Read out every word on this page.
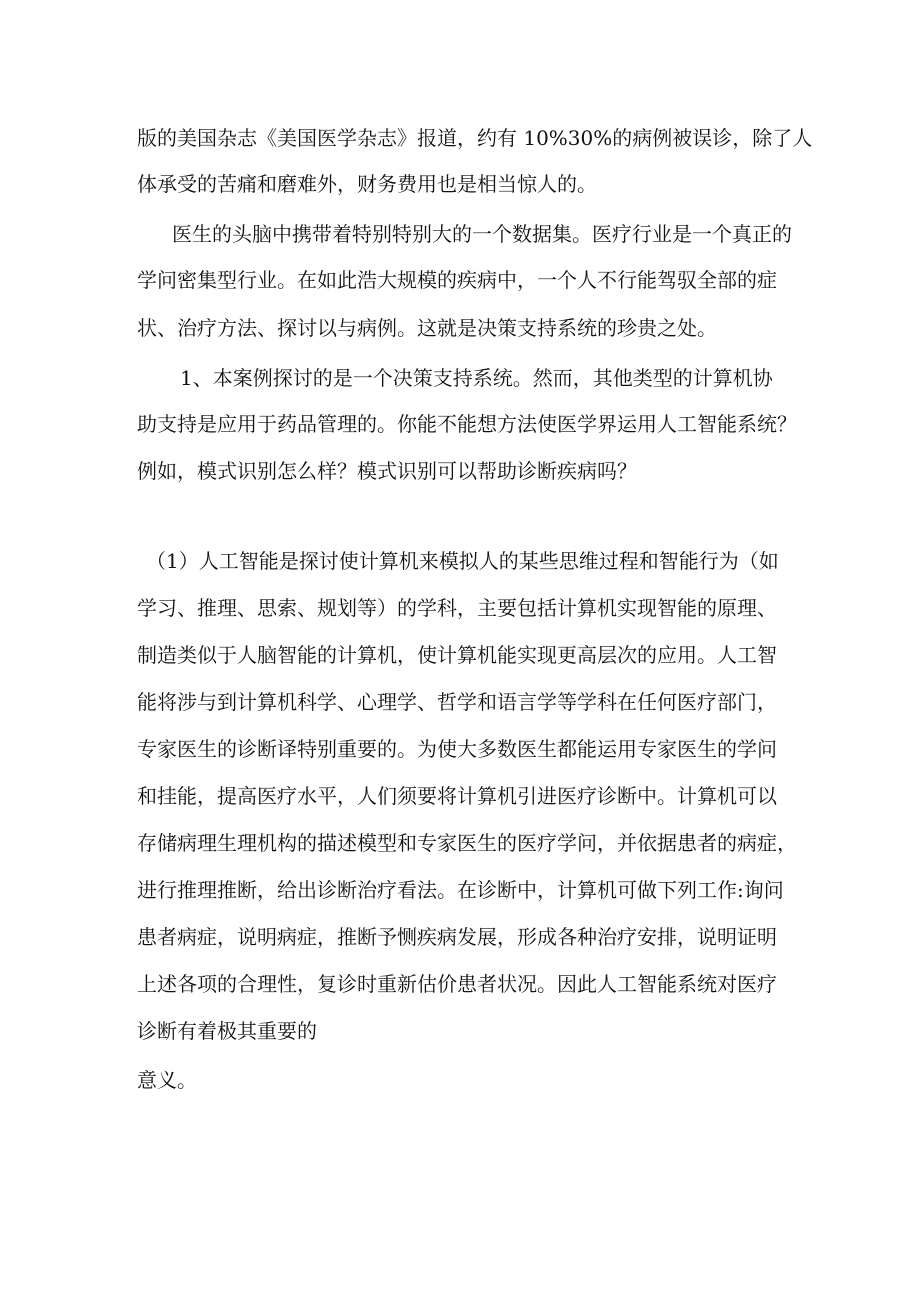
版的美国杂志《美国医学杂志》报道，约有 10%30%的病例被误诊，除了人

体承受的苦痛和磨难外，财务费用也是相当惊人的。

医生的头脑中携带着特别特别大的一个数据集。医疗行业是一个真正的

学问密集型行业。在如此浩大规模的疾病中，一个人不行能驾驭全部的症

状、治疗方法、探讨以与病例。这就是决策支持系统的珍贵之处。

1、本案例探讨的是一个决策支持系统。然而，其他类型的计算机协

助支持是应用于药品管理的。你能不能想方法使医学界运用人工智能系统？

例如，模式识别怎么样？模式识别可以帮助诊断疾病吗？

（1）人工智能是探讨使计算机来模拟人的某些思维过程和智能行为（如

学习、推理、思索、规划等）的学科，主要包括计算机实现智能的原理、

制造类似于人脑智能的计算机，使计算机能实现更高层次的应用。人工智

能将涉与到计算机科学、心理学、哲学和语言学等学科在任何医疗部门，

专家医生的诊断译特别重要的。为使大多数医生都能运用专家医生的学问

和挂能，提高医疗水平，人们须要将计算机引进医疗诊断中。计算机可以

存储病理生理机构的描述模型和专家医生的医疗学问，并依据患者的病症，

进行推理推断，给出诊断治疗看法。在诊断中，计算机可做下列工作:询问

患者病症，说明病症，推断予恻疾病发展，形成各种治疗安排，说明证明

上述各项的合理性，复诊时重新估价患者状况。因此人工智能系统对医疗

诊断有着极其重要的

意义。
